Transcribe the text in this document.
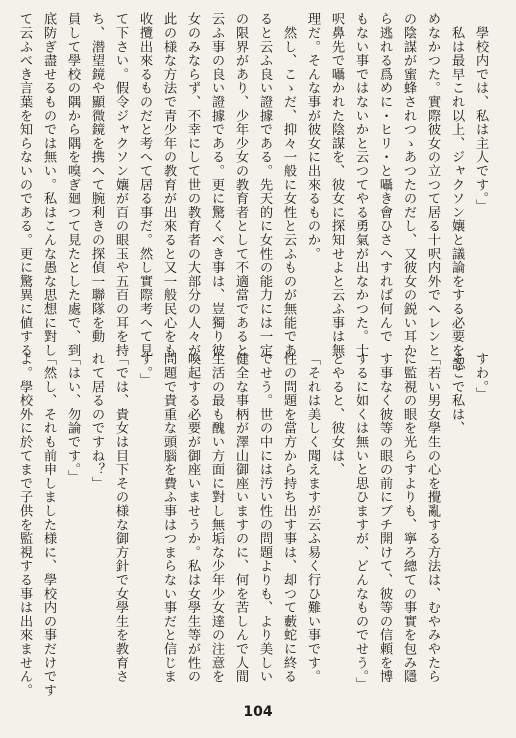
　學校内では、私は主人です。」
　私は最早これ以上、ジャクソン孃と議論をする必要を認
めなかつた。實際彼女の立つて居る十呎内外でヘレンと
の陰謀が蜜蜂されつゝあつたのだし、又彼女の鋭い耳か
ら逃れる爲めに・ヒリ・と囁き會ひさへすれば何んで
もない事ではないかと云つてやる勇氣が出なかつた。十
呎鼻先で囁かれた陰謀を、彼女に探知せよと云ふ事は無
理だ。そんな事が彼女に出來るものか。
　然し、こゝだ、抑々一般に女性と云ふものが無能であ
ると云ふ良い證據である。先天的に女性の能力には一定
の限界があり、少年少女の教育者として不適當であると
云ふ事の良い證據である。更に驚くべき事は、豈獨り彼
女のみならず、不幸にして世の教育者の大部分の人々が、
此の様な方法で青少年の教育が出來ると又一般民心をも
收攬出來るものだと考へて居る事だ。然し實際考へて見
て下さい。假令ジャクソン孃が百の眼玉や五百の耳を持
ち、潜望鏡や顯微鏡を携へて腕利きの探偵一聯隊を動
員して學校の隅から隅を嗅ぎ廻つて見たとした處で、到
底防ぎ盡せるものでは無い。私はこんな愚な思想に對し
て云ふべき言葉を知らないのである。更に驚異に値する
すわ。」
そこで私は、
「若い男女學生の心を攪亂する方法は、むやみやたら
に監視の眼を光らすよりも、寧ろ總ての事實を包み隱
す事なく彼等の眼の前にブチ開けて、彼等の信頼を博
するに如くは無いと思ひますが、どんなものでせう。」
とやると、彼女は、
「それは美しく聞えますが云ふ易く行ひ難い事です。
性の問題を當方から持ち出す事は、却つて藪蛇に終る
でせう。世の中には汚い性の問題よりも、より美しい
健全な事柄が澤山御座いますのに、何を苦しんで人間
生活の最も醜い方面に對し無垢な少年少女達の注意を
喚起する必要が御座いませうか。私は女學生等が性の
問題で貴重な頭腦を費ふ事はつまらない事だと信じま
す。」
「では、貴女は目下その様な御方針で女學生を教育さ
れて居るのですね？」
「はい、勿論です。」
「然し、それも前申しました様に、學校内の事だけです
よ。學校外に於てまで子供を監視する事は出來ません。
104
